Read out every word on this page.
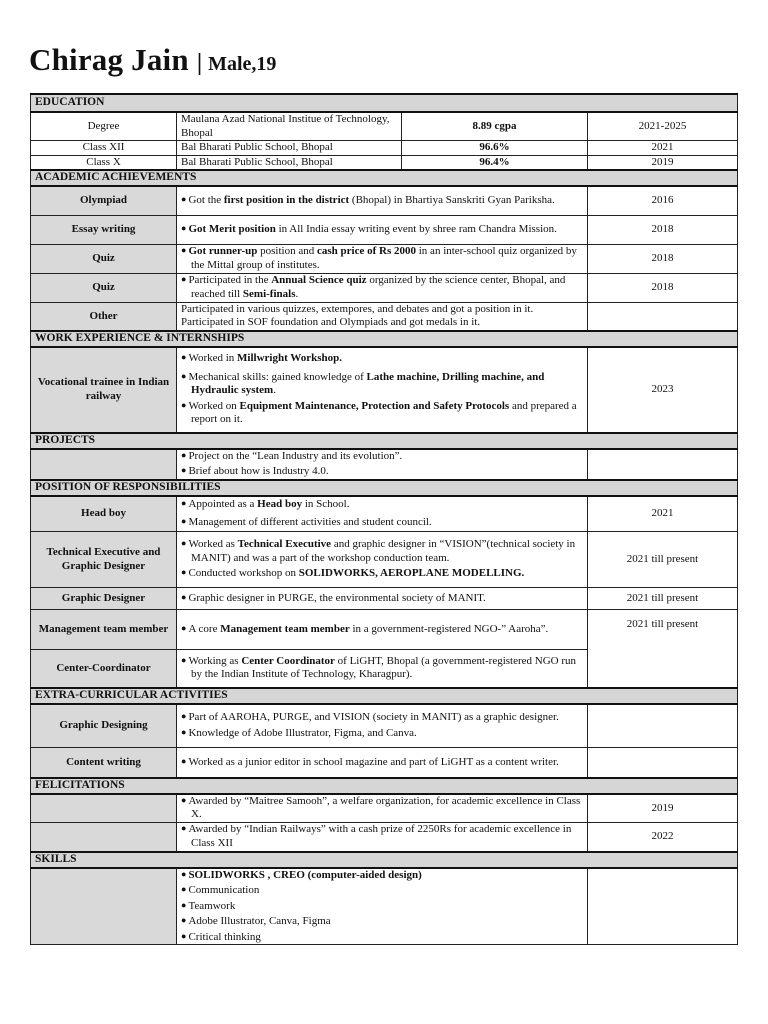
Chirag Jain | Male,19
EDUCATION			
Degree	Maulana Azad National Institue of Technology, Bhopal	8.89 cgpa	2021-2025
Class XII	Bal Bharati Public School, Bhopal	96.6%	2021
Class X	Bal Bharati Public School, Bhopal	96.4%	2019
ACADEMIC ACHIEVEMENTS			
Olympiad	● Got the first position in the district (Bhopal) in Bhartiya Sanskriti Gyan Pariksha.		2016
Essay writing	● Got Merit position in All India essay writing event by shree ram Chandra Mission.		2018
Quiz	● Got runner-up position and cash price of Rs 2000 in an inter-school quiz organized by the Mittal group of institutes.		2018
Quiz	● Participated in the Annual Science quiz organized by the science center, Bhopal, and reached till Semi-finals.		2018
Other	Participated in various quizzes, extempores, and debates and got a position in it. Participated in SOF foundation and Olympiads and got medals in it.		
WORK EXPERIENCE & INTERNSHIPS			
Vocational trainee in Indian railway	● Worked in Millwright Workshop.
● Mechanical skills: gained knowledge of Lathe machine, Drilling machine, and Hydraulic system.
● Worked on Equipment Maintenance, Protection and Safety Protocols and prepared a report on it.		2023
PROJECTS			

	● Project on the “Lean Industry and its evolution”.
● Brief about how is Industry 4.0.

POSITION OF RESPONSIBILITIES			
Head boy	● Appointed as a Head boy in School.
● Management of different activities and student council.		2021
Technical Executive and Graphic Designer	● Worked as Technical Executive and graphic designer in “VISION”(technical society in MANIT) and was a part of the workshop conduction team.
● Conducted workshop on SOLIDWORKS, AEROPLANE MODELLING.		2021 till present
Graphic Designer	● Graphic designer in PURGE, the environmental society of MANIT.		2021 till present
Management team member	● A core Management team member in a government-registered NGO-” Aaroha”.		2021 till present
Center-Coordinator	● Working as Center Coordinator of LiGHT, Bhopal (a government-registered NGO run by the Indian Institute of Technology, Kharagpur).

EXTRA-CURRICULAR ACTIVITIES			
Graphic Designing	● Part of AAROHA, PURGE, and VISION (society in MANIT) as a graphic designer.
● Knowledge of Adobe Illustrator, Figma, and Canva.

Content writing	● Worked as a junior editor in school magazine and part of LiGHT as a content writer.

FELICITATIONS			

	● Awarded by “Maitree Samooh”, a welfare organization, for academic excellence in Class X.		2019

	● Awarded by “Indian Railways” with a cash prize of 2250Rs for academic excellence in Class XII		2022
SKILLS			

	● SOLIDWORKS , CREO (computer-aided design)
● Communication
● Teamwork
● Adobe Illustrator, Canva, Figma
● Critical thinking
